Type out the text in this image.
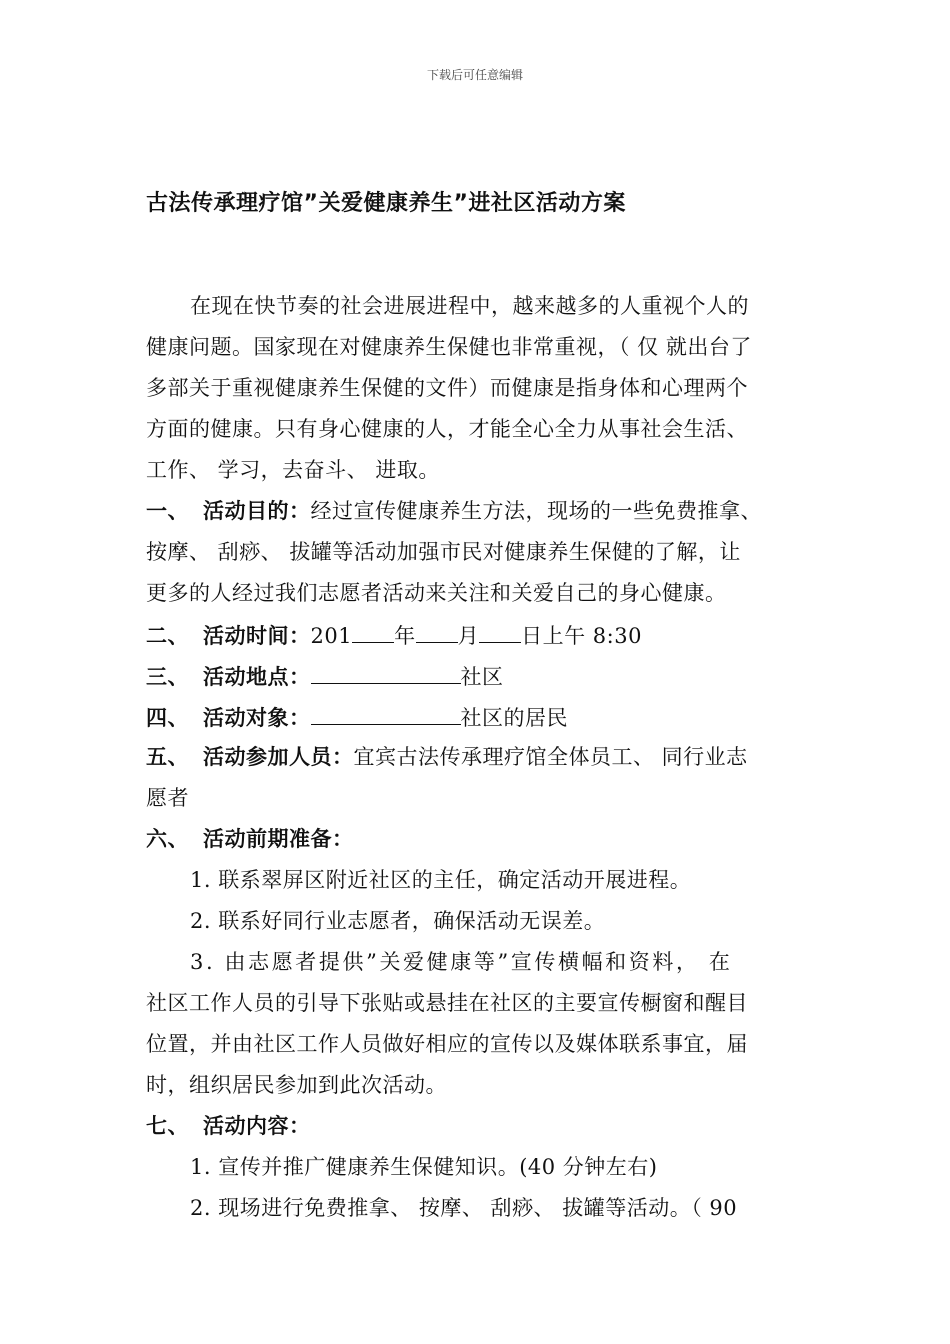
下载后可任意编辑
古法传承理疗馆”关爱健康养生”进社区活动方案
在现在快节奏的社会进展进程中，越来越多的人重视个人的
健康问题。国家现在对健康养生保健也非常重视，（ 仅 就出台了
多部关于重视健康养生保健的文件）而健康是指身体和心理两个
方面的健康。只有身心健康的人，才能全心全力从事社会生活、
工作、 学习，去奋斗、 进取。
一、 活动目的：经过宣传健康养生方法，现场的一些免费推拿、
按摩、 刮痧、 拔罐等活动加强市民对健康养生保健的了解，让
更多的人经过我们志愿者活动来关注和关爱自己的身心健康。
二、 活动时间：201 年 月 日上午 8:30
三、 活动地点：	社区
四、 活动对象：	社区的居民
五、 活动参加人员：宜宾古法传承理疗馆全体员工、 同行业志
愿者
六、 活动前期准备：
1. 联系翠屏区附近社区的主任，确定活动开展进程。
2. 联系好同行业志愿者，确保活动无误差。
3. 由志愿者提供”关爱健康等”宣传横幅和资料， 在
社区工作人员的引导下张贴或悬挂在社区的主要宣传橱窗和醒目
位置，并由社区工作人员做好相应的宣传以及媒体联系事宜，届
时，组织居民参加到此次活动。
七、 活动内容：
1. 宣传并推广健康养生保健知识。(40 分钟左右)
2. 现场进行免费推拿、 按摩、 刮痧、 拔罐等活动。（ 90
